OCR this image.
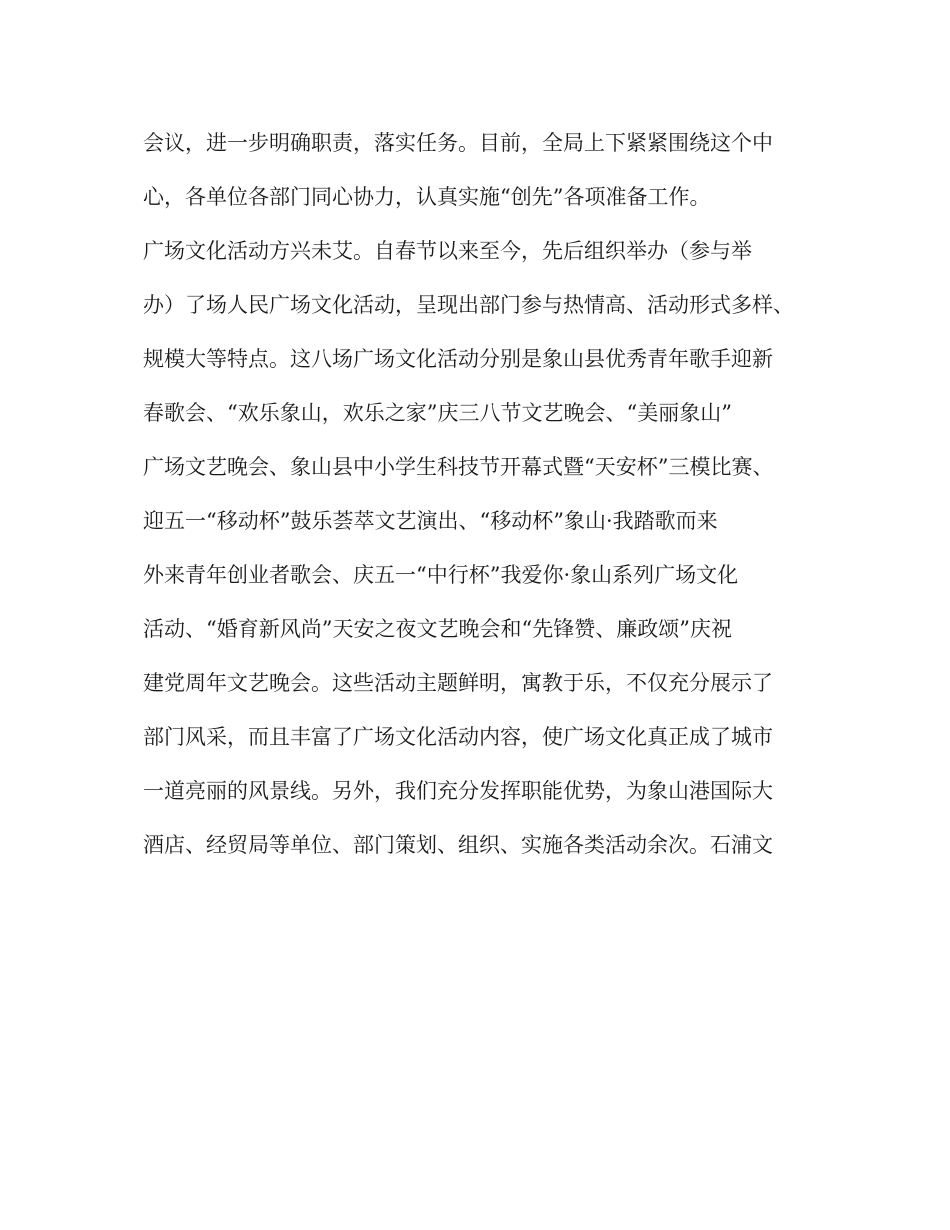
会议，进一步明确职责，落实任务。目前，全局上下紧紧围绕这个中
心，各单位各部门同心协力，认真实施“创先”各项准备工作。
广场文化活动方兴未艾。自春节以来至今，先后组织举办（参与举
办）了场人民广场文化活动，呈现出部门参与热情高、活动形式多样、
规模大等特点。这八场广场文化活动分别是象山县优秀青年歌手迎新
春歌会、“欢乐象山，欢乐之家”庆三八节文艺晚会、“美丽象山”
广场文艺晚会、象山县中小学生科技节开幕式暨“天安杯”三模比赛、
迎五一“移动杯”鼓乐荟萃文艺演出、“移动杯”象山·我踏歌而来
外来青年创业者歌会、庆五一“中行杯”我爱你·象山系列广场文化
活动、“婚育新风尚”天安之夜文艺晚会和“先锋赞、廉政颂”庆祝
建党周年文艺晚会。这些活动主题鲜明，寓教于乐，不仅充分展示了
部门风采，而且丰富了广场文化活动内容，使广场文化真正成了城市
一道亮丽的风景线。另外，我们充分发挥职能优势，为象山港国际大
酒店、经贸局等单位、部门策划、组织、实施各类活动余次。石浦文
